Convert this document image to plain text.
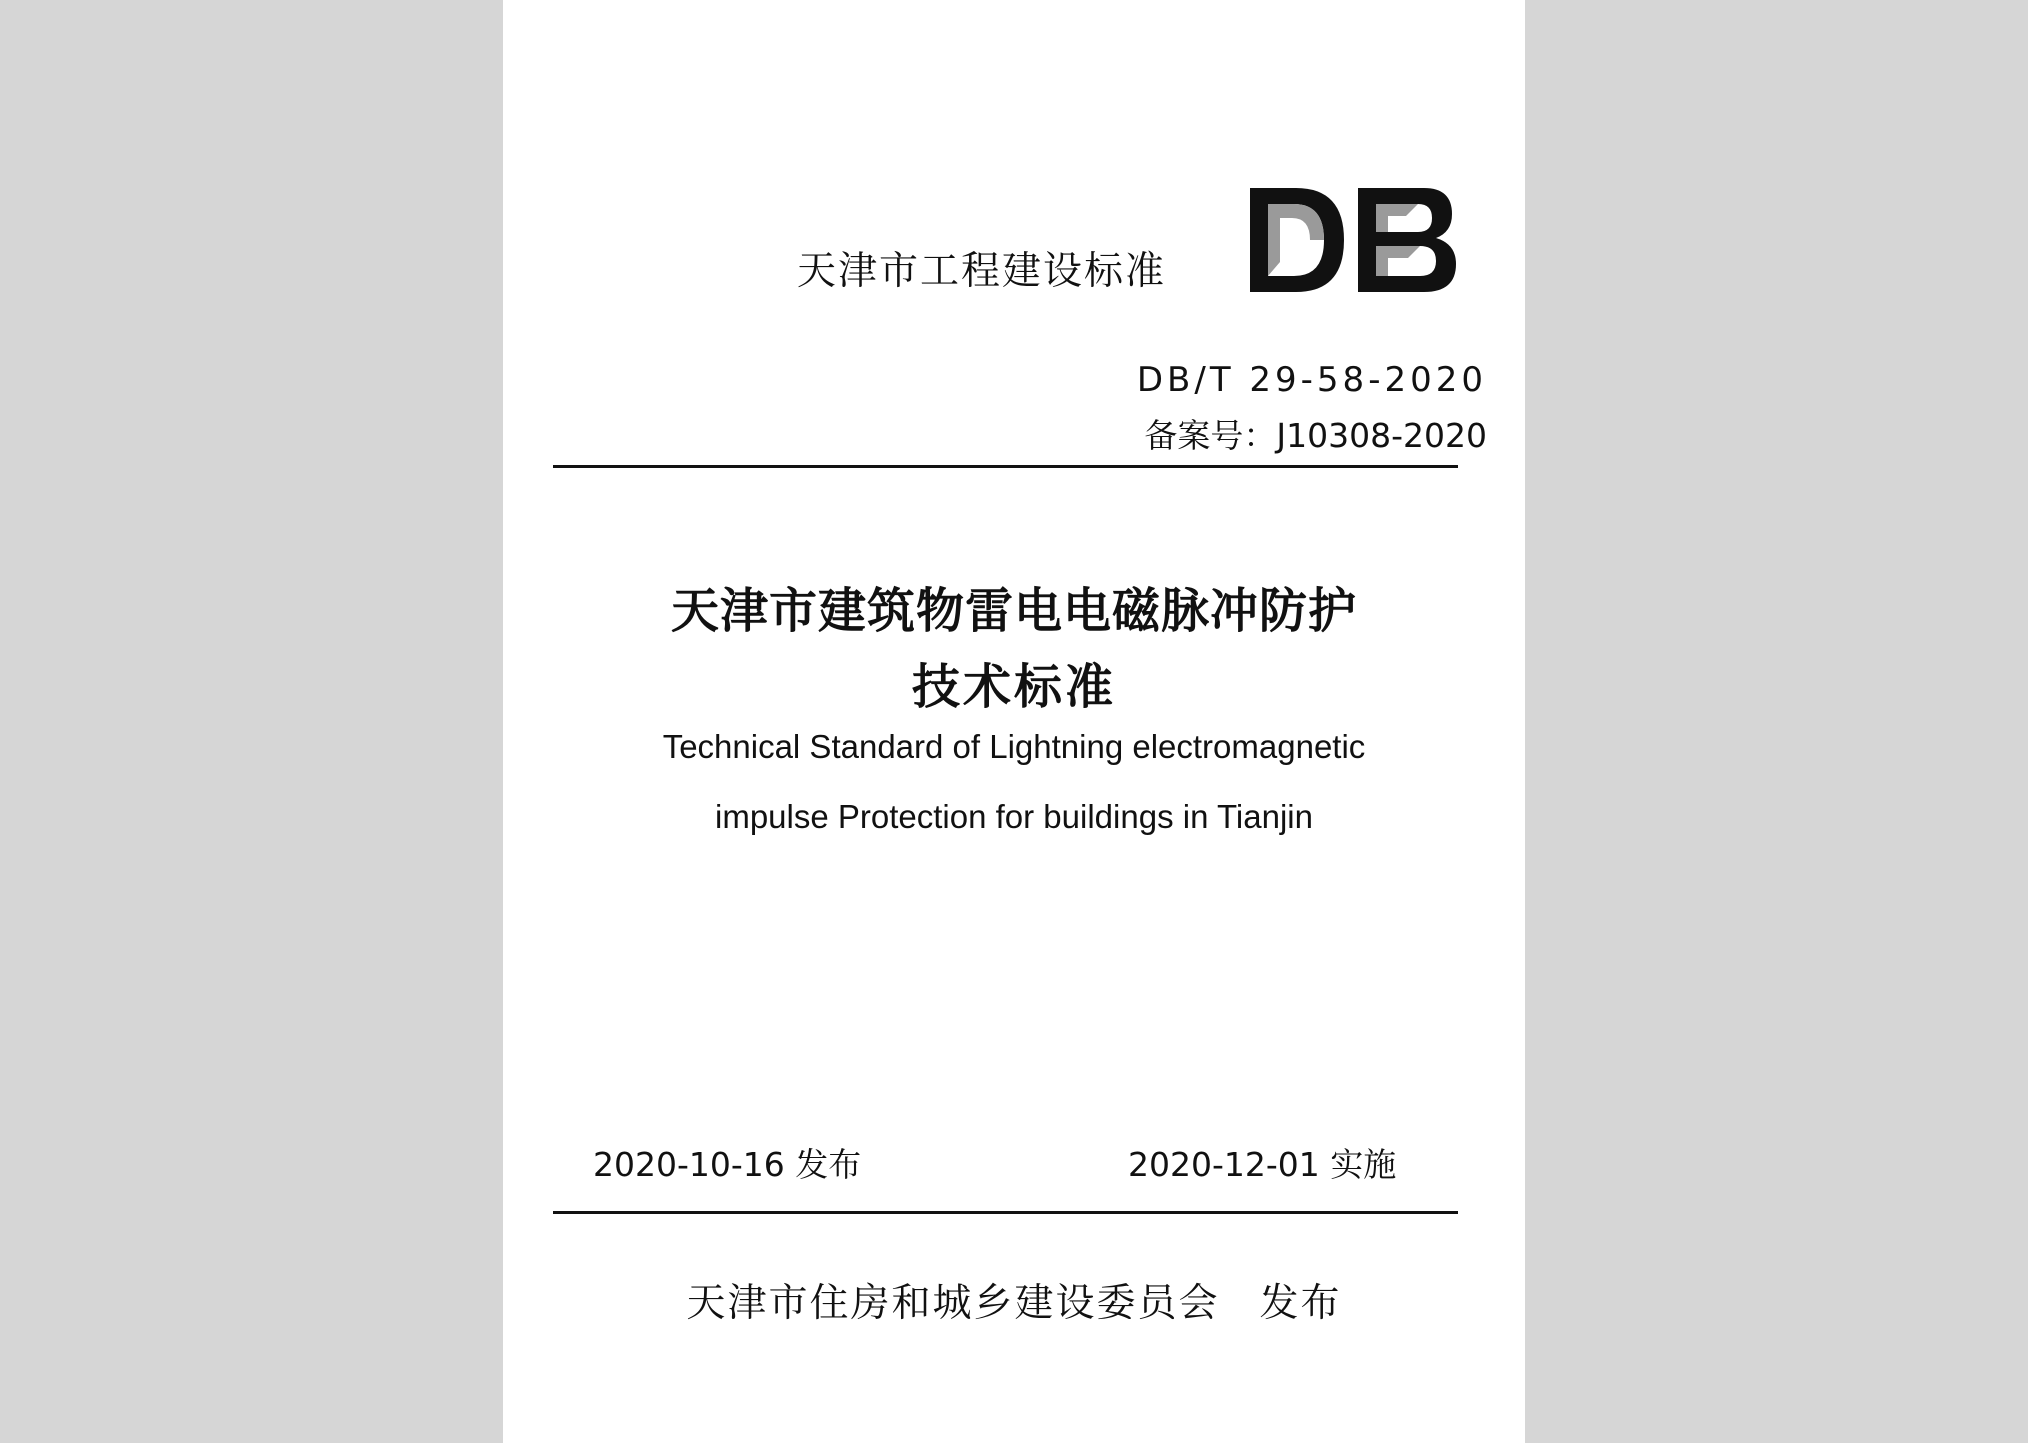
天津市工程建设标准
DB/T 29-58-2020
备案号：J10308-2020
天津市建筑物雷电电磁脉冲防护
技术标准
Technical Standard of Lightning electromagnetic
impulse Protection for buildings in Tianjin
2020-10-16 发布	2020-12-01 实施
天津市住房和城乡建设委员会 发布
